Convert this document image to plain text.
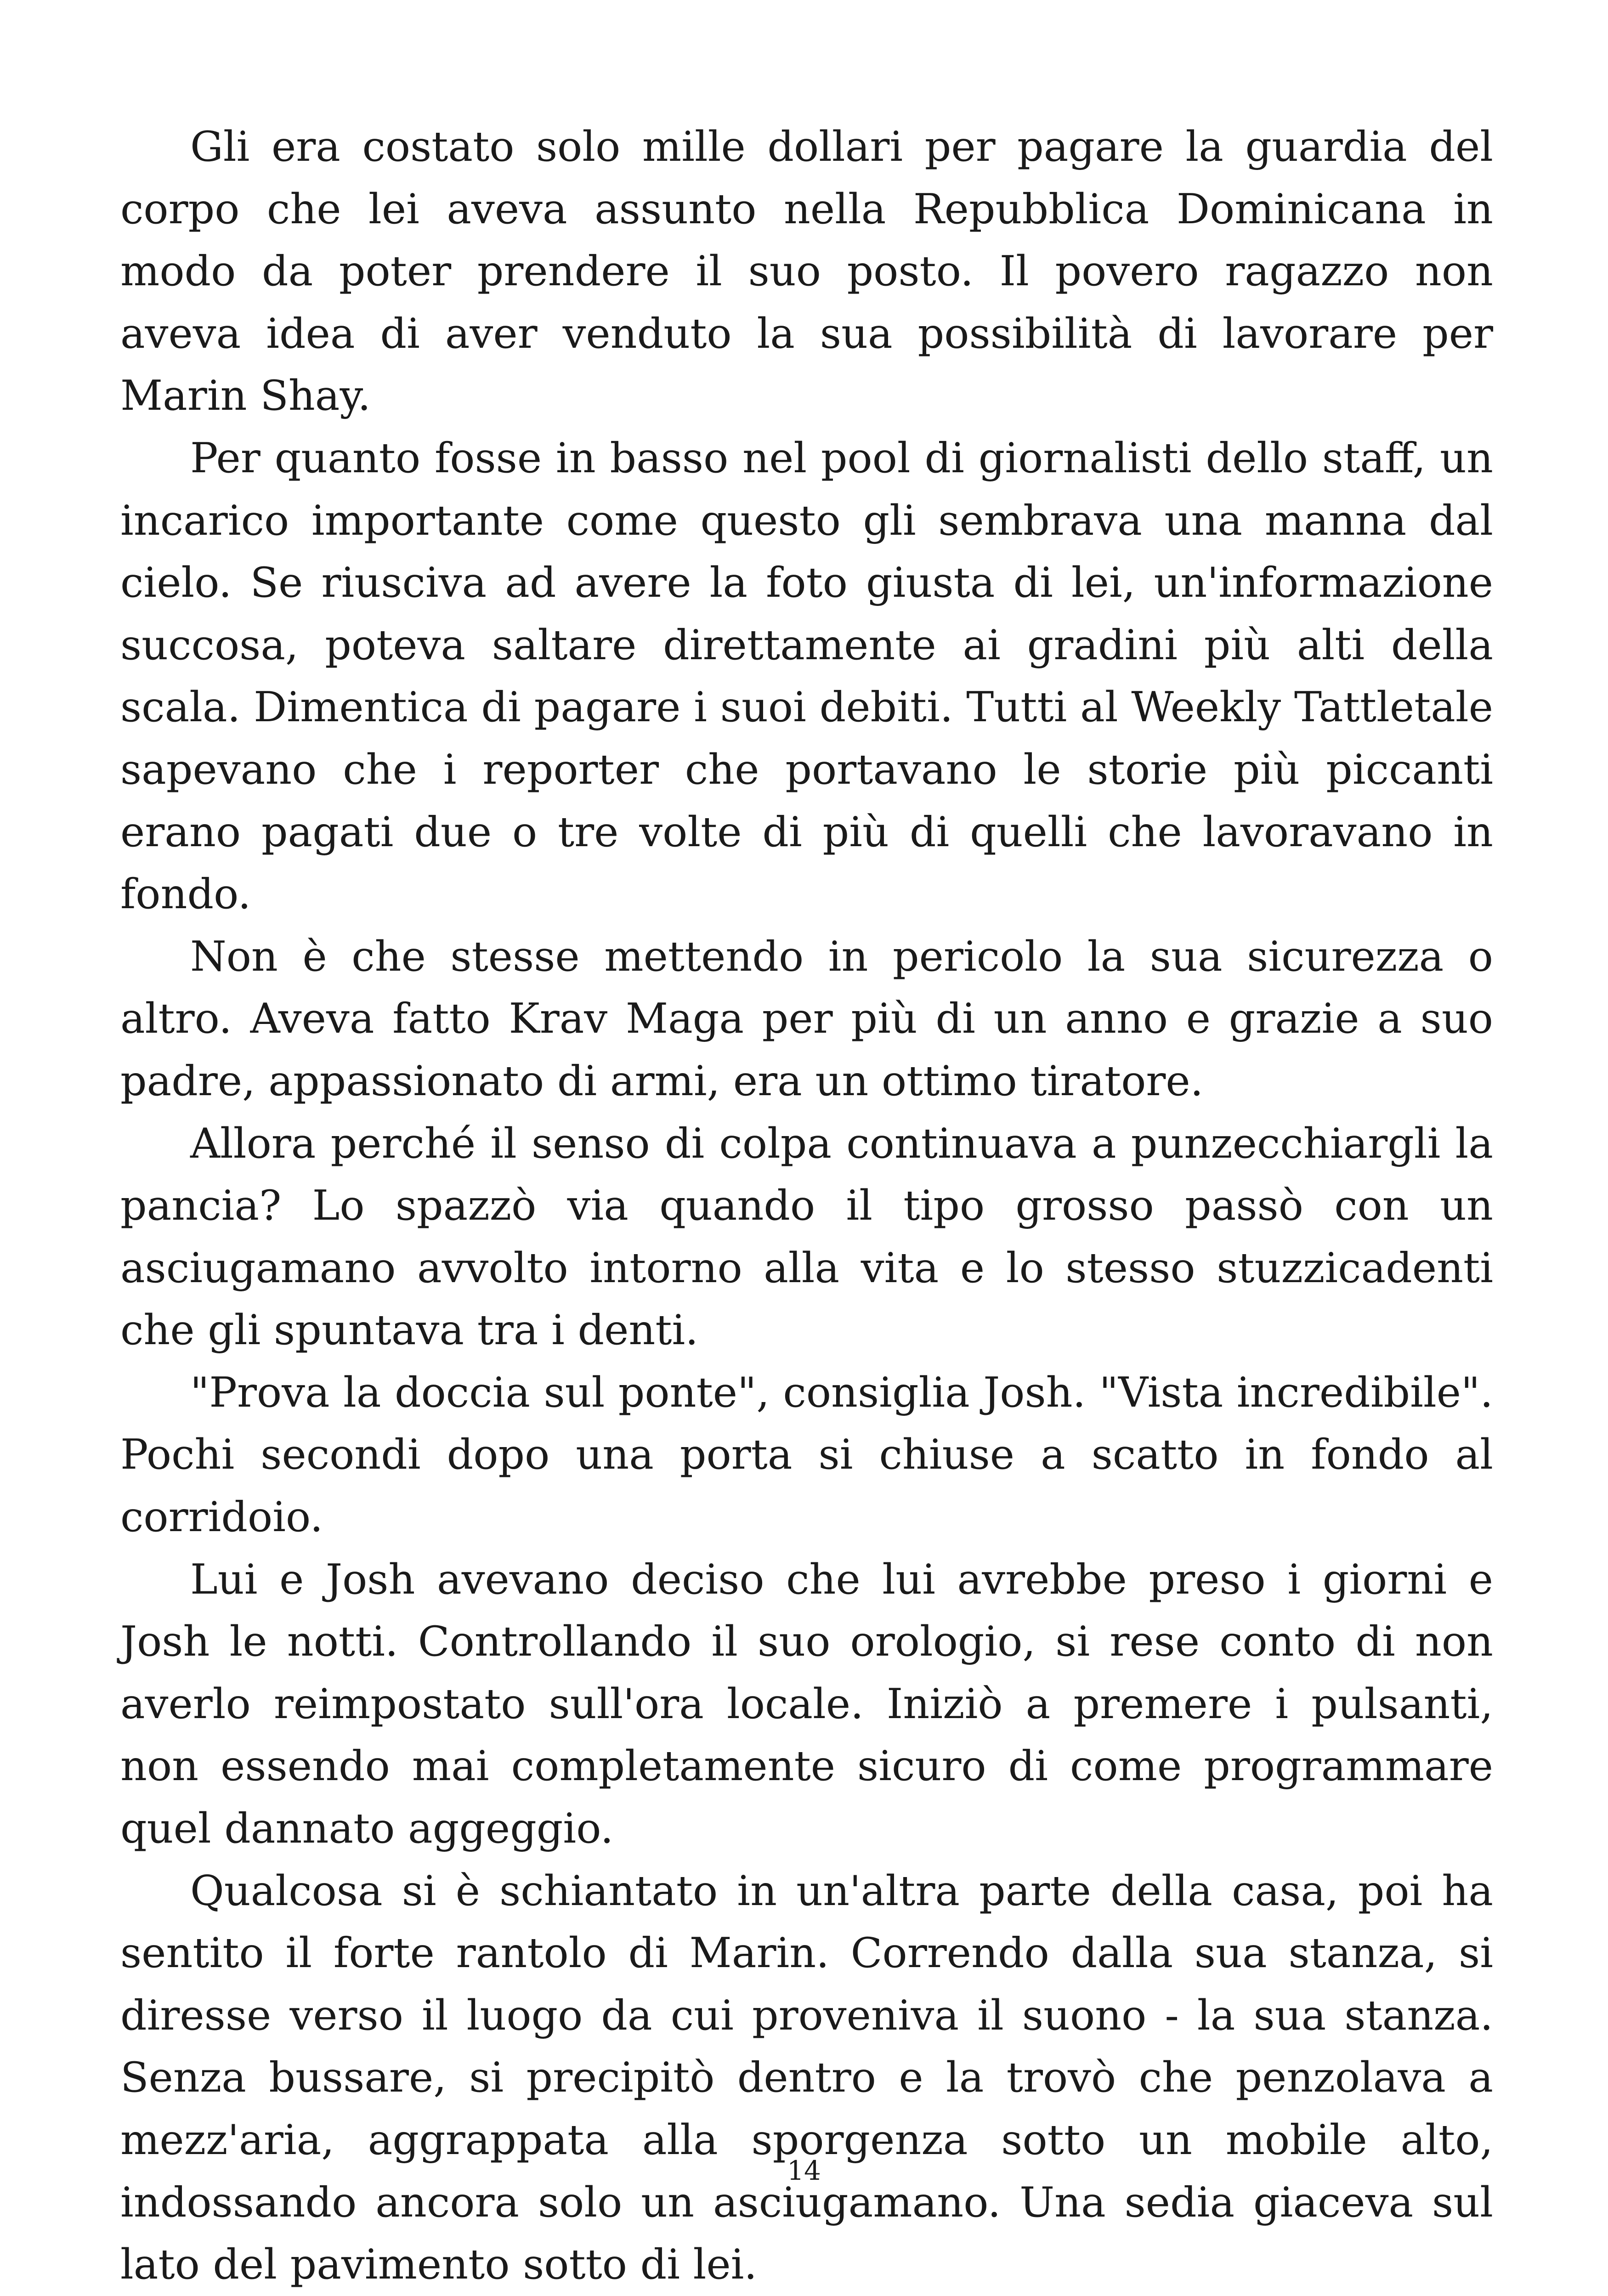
Gli era costato solo mille dollari per pagare la guardia del corpo che lei aveva assunto nella Repubblica Dominicana in modo da poter prendere il suo posto. Il povero ragazzo non aveva idea di aver venduto la sua possibilità di lavorare per Marin Shay.

Per quanto fosse in basso nel pool di giornalisti dello staff, un incarico importante come questo gli sembrava una manna dal cielo. Se riusciva ad avere la foto giusta di lei, un'informazione succosa, poteva saltare direttamente ai gradini più alti della scala. Dimentica di pagare i suoi debiti. Tutti al Weekly Tattletale sapevano che i reporter che portavano le storie più piccanti erano pagati due o tre volte di più di quelli che lavoravano in fondo.

Non è che stesse mettendo in pericolo la sua sicurezza o altro. Aveva fatto Krav Maga per più di un anno e grazie a suo padre, appassionato di armi, era un ottimo tiratore.

Allora perché il senso di colpa continuava a punzecchiargli la pancia? Lo spazzò via quando il tipo grosso passò con un asciugamano avvolto intorno alla vita e lo stesso stuzzicadenti che gli spuntava tra i denti.

"Prova la doccia sul ponte", consiglia Josh. "Vista incredibile". Pochi secondi dopo una porta si chiuse a scatto in fondo al corridoio.

Lui e Josh avevano deciso che lui avrebbe preso i giorni e Josh le notti. Controllando il suo orologio, si rese conto di non averlo reimpostato sull'ora locale. Iniziò a premere i pulsanti, non essendo mai completamente sicuro di come programmare quel dannato aggeggio.

Qualcosa si è schiantato in un'altra parte della casa, poi ha sentito il forte rantolo di Marin. Correndo dalla sua stanza, si diresse verso il luogo da cui proveniva il suono - la sua stanza. Senza bussare, si precipitò dentro e la trovò che penzolava a mezz'aria, aggrappata alla sporgenza sotto un mobile alto, indossando ancora solo un asciugamano. Una sedia giaceva sul lato del pavimento sotto di lei.

14
